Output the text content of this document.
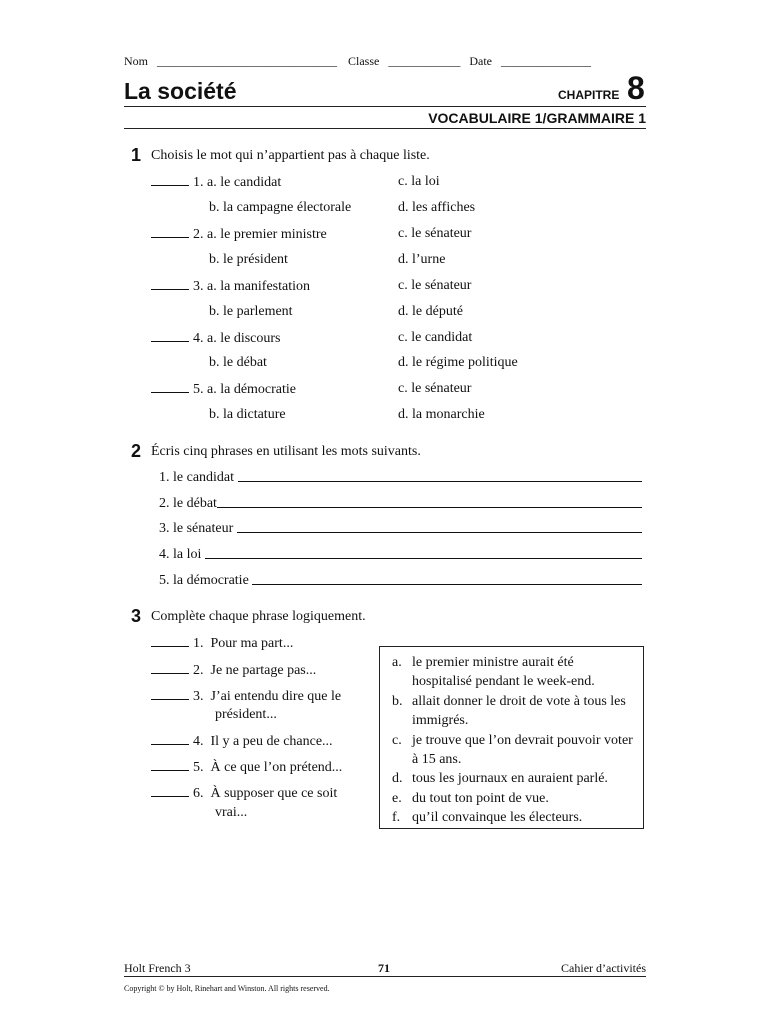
Nom ______________________________ Classe ____________ Date _______________
La société	CHAPITRE 8
VOCABULAIRE 1/GRAMMAIRE 1
1 Choisis le mot qui n’appartient pas à chaque liste.
1. a. le candidat	c. la loi
b. la campagne électorale	d. les affiches
2. a. le premier ministre	c. le sénateur
b. le président	d. l’urne
3. a. la manifestation	c. le sénateur
b. le parlement	d. le député
4. a. le discours	c. le candidat
b. le débat	d. le régime politique
5. a. la démocratie	c. le sénateur
b. la dictature	d. la monarchie
2 Écris cinq phrases en utilisant les mots suivants.
1.
le candidat

2.
le débat
3.
le sénateur

4.
la loi

5.
la démocratie

3 Complète chaque phrase logiquement.
1. Pour ma part...
2. Je ne partage pas...
3. J’ai entendu dire que le
président...
4. Il y a peu de chance...
5. À ce que l’on prétend...
6. À supposer que ce soit
vrai...
a. le premier ministre aurait été hospitalisé pendant le week-end.
b. allait donner le droit de vote à tous les immigrés.
c. je trouve que l’on devrait pouvoir voter à 15 ans.
d. tous les journaux en auraient parlé.
e. du tout ton point de vue.
f. qu’il convainque les électeurs.
Holt French 3	71	Cahier d’activités
Copyright © by Holt, Rinehart and Winston. All rights reserved.
